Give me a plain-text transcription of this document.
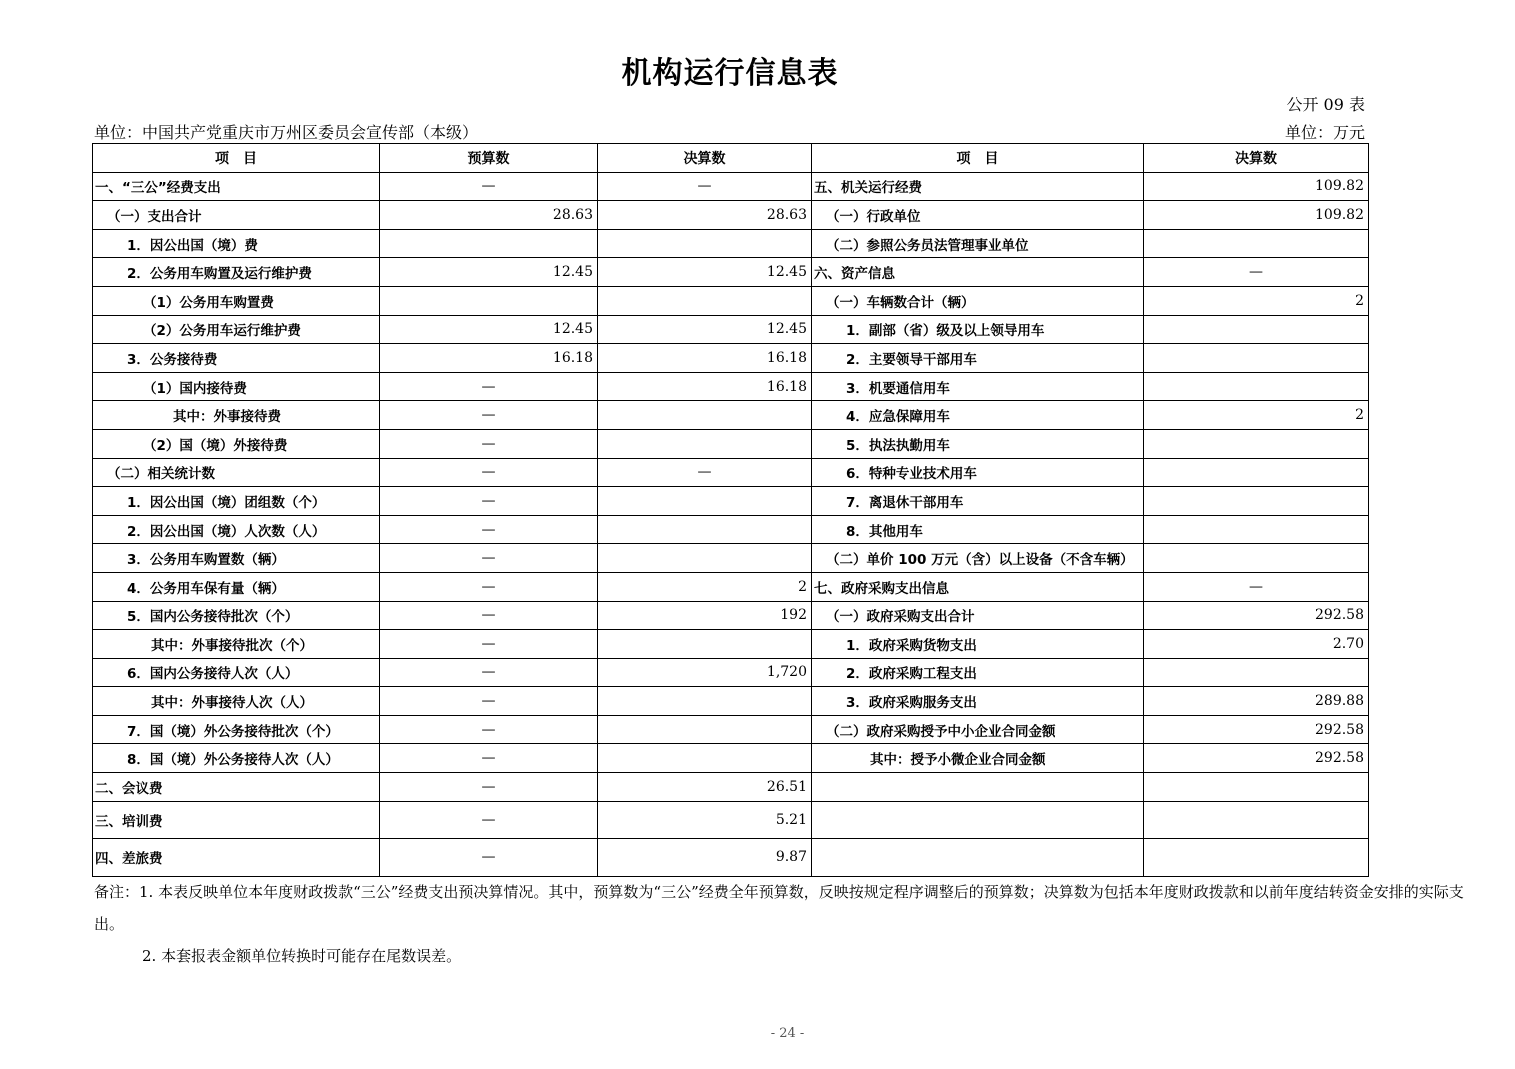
机构运行信息表
公开 09 表
单位：中国共产党重庆市万州区委员会宣传部（本级）	单位：万元
项　目	预算数	决算数	项　目	决算数
一、“三公”经费支出	—	—	五、机关运行经费	109.82
（一）支出合计	28.63	28.63	（一）行政单位	109.82
1．因公出国（境）费			（二）参照公务员法管理事业单位	
2．公务用车购置及运行维护费	12.45	12.45	六、资产信息	—
（1）公务用车购置费			（一）车辆数合计（辆）	2
（2）公务用车运行维护费	12.45	12.45	1．副部（省）级及以上领导用车	
3．公务接待费	16.18	16.18	2．主要领导干部用车	
（1）国内接待费	—	16.18	3．机要通信用车	
其中：外事接待费	—		4．应急保障用车	2
（2）国（境）外接待费	—		5．执法执勤用车	
（二）相关统计数	—	—	6．特种专业技术用车	
1．因公出国（境）团组数（个）	—		7．离退休干部用车	
2．因公出国（境）人次数（人）	—		8．其他用车	
3．公务用车购置数（辆）	—		（二）单价 100 万元（含）以上设备（不含车辆）	
4．公务用车保有量（辆）	—	2	七、政府采购支出信息	—
5．国内公务接待批次（个）	—	192	（一）政府采购支出合计	292.58
其中：外事接待批次（个）	—		1．政府采购货物支出	2.70
6．国内公务接待人次（人）	—	1,720	2．政府采购工程支出	
其中：外事接待人次（人）	—		3．政府采购服务支出	289.88
7．国（境）外公务接待批次（个）	—		（二）政府采购授予中小企业合同金额	292.58
8．国（境）外公务接待人次（人）	—		其中：授予小微企业合同金额	292.58
二、会议费	—	26.51		
三、培训费	—	5.21		
四、差旅费	—	9.87		

备注：1. 本表反映单位本年度财政拨款“三公”经费支出预决算情况。其中，预算数为“三公”经费全年预算数，反映按规定程序调整后的预算数；决算数为包括本年度财政拨款和以前年度结转资金安排的实际支出。

2. 本套报表金额单位转换时可能存在尾数误差。

- 24 -
